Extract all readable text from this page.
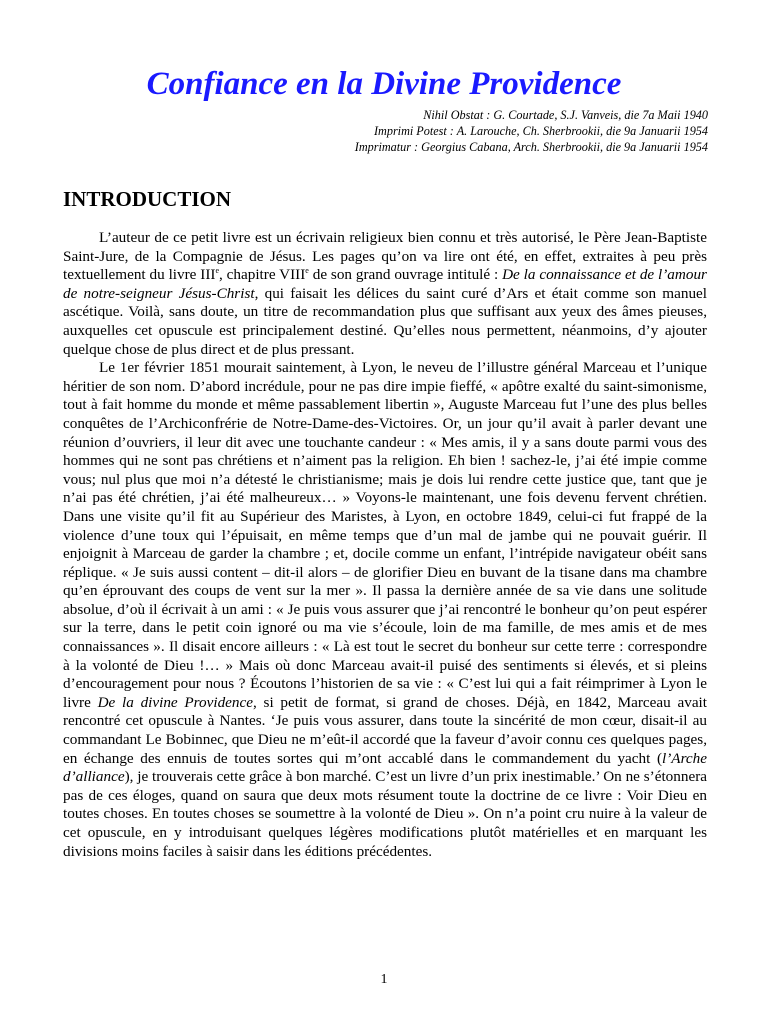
Confiance en la Divine Providence
Nihil Obstat : G. Courtade, S.J. Vanveis, die 7a Maii 1940
Imprimi Potest : A. Larouche, Ch. Sherbrookii, die 9a Januarii 1954
Imprimatur : Georgius Cabana, Arch. Sherbrookii, die 9a Januarii 1954
INTRODUCTION

L’auteur de ce petit livre est un écrivain religieux bien connu et très autorisé, le Père Jean-Baptiste Saint-Jure, de la Compagnie de Jésus. Les pages qu’on va lire ont été, en effet, extraites à peu près textuellement du livre IIIe, chapitre VIIIe de son grand ouvrage intitulé : De la connaissance et de l’amour de notre-seigneur Jésus-Christ, qui faisait les délices du saint curé d’Ars et était comme son manuel ascétique. Voilà, sans doute, un titre de recommandation plus que suffisant aux yeux des âmes pieuses, auxquelles cet opuscule est principalement destiné. Qu’elles nous permettent, néanmoins, d’y ajouter quelque chose de plus direct et de plus pressant.

Le 1er février 1851 mourait saintement, à Lyon, le neveu de l’illustre général Marceau et l’unique héritier de son nom. D’abord incrédule, pour ne pas dire impie fieffé, « apôtre exalté du saint-simonisme, tout à fait homme du monde et même passablement libertin », Auguste Marceau fut l’une des plus belles conquêtes de l’Archiconfrérie de Notre-Dame-des-Victoires. Or, un jour qu’il avait à parler devant une réunion d’ouvriers, il leur dit avec une touchante candeur : « Mes amis, il y a sans doute parmi vous des hommes qui ne sont pas chrétiens et n’aiment pas la religion. Eh bien ! sachez-le, j’ai été impie comme vous; nul plus que moi n’a détesté le christianisme; mais je dois lui rendre cette justice que, tant que je n’ai pas été chrétien, j’ai été malheureux… » Voyons-le maintenant, une fois devenu fervent chrétien. Dans une visite qu’il fit au Supérieur des Maristes, à Lyon, en octobre 1849, celui-ci fut frappé de la violence d’une toux qui l’épuisait, en même temps que d’un mal de jambe qui ne pouvait guérir. Il enjoignit à Marceau de garder la chambre ; et, docile comme un enfant, l’intrépide navigateur obéit sans réplique. « Je suis aussi content – dit-il alors – de glorifier Dieu en buvant de la tisane dans ma chambre qu’en éprouvant des coups de vent sur la mer ». Il passa la dernière année de sa vie dans une solitude absolue, d’où il écrivait à un ami : « Je puis vous assurer que j’ai rencontré le bonheur qu’on peut espérer sur la terre, dans le petit coin ignoré ou ma vie s’écoule, loin de ma famille, de mes amis et de mes connaissances ». Il disait encore ailleurs : « Là est tout le secret du bonheur sur cette terre : correspondre à la volonté de Dieu !… » Mais où donc Marceau avait-il puisé des sentiments si élevés, et si pleins d’encouragement pour nous ? Écoutons l’historien de sa vie : « C’est lui qui a fait réimprimer à Lyon le livre De la divine Providence, si petit de format, si grand de choses. Déjà, en 1842, Marceau avait rencontré cet opuscule à Nantes. ‘Je puis vous assurer, dans toute la sincérité de mon cœur, disait-il au commandant Le Bobinnec, que Dieu ne m’eût-il accordé que la faveur d’avoir connu ces quelques pages, en échange des ennuis de toutes sortes qui m’ont accablé dans le commandement du yacht (l’Arche d’alliance), je trouverais cette grâce à bon marché. C’est un livre d’un prix inestimable.’ On ne s’étonnera pas de ces éloges, quand on saura que deux mots résument toute la doctrine de ce livre : Voir Dieu en toutes choses. En toutes choses se soumettre à la volonté de Dieu ». On n’a point cru nuire à la valeur de cet opuscule, en y introduisant quelques légères modifications plutôt matérielles et en marquant les divisions moins faciles à saisir dans les éditions précédentes.

1
